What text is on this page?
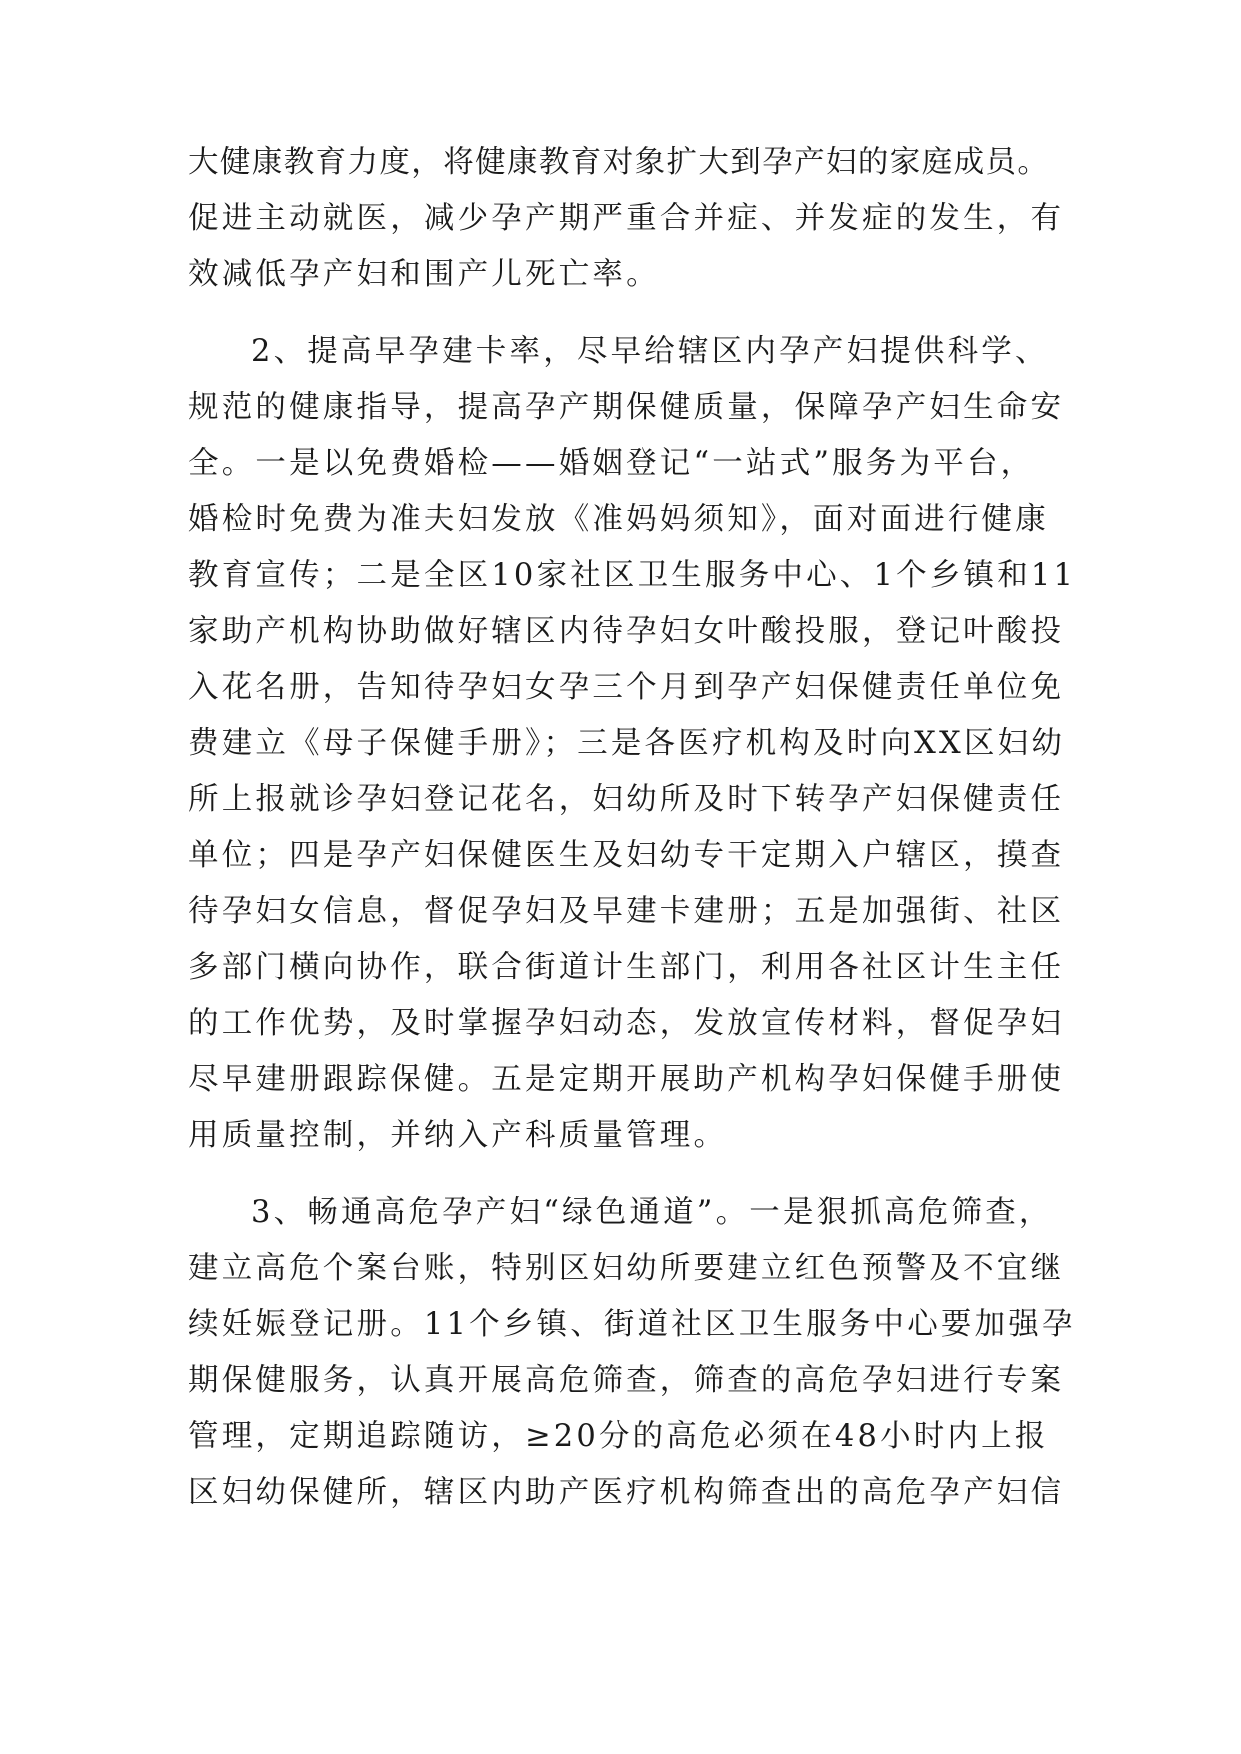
大健康教育力度，将健康教育对象扩大到孕产妇的家庭成员。
促进主动就医，减少孕产期严重合并症、并发症的发生，有
效减低孕产妇和围产儿死亡率。
2、提高早孕建卡率，尽早给辖区内孕产妇提供科学、
规范的健康指导，提高孕产期保健质量，保障孕产妇生命安
全。一是以免费婚检——婚姻登记“一站式”服务为平台，
婚检时免费为准夫妇发放《准妈妈须知》，面对面进行健康
教育宣传；二是全区10家社区卫生服务中心、1个乡镇和11
家助产机构协助做好辖区内待孕妇女叶酸投服，登记叶酸投
入花名册，告知待孕妇女孕三个月到孕产妇保健责任单位免
费建立《母子保健手册》；三是各医疗机构及时向XX区妇幼
所上报就诊孕妇登记花名，妇幼所及时下转孕产妇保健责任
单位；四是孕产妇保健医生及妇幼专干定期入户辖区，摸查
待孕妇女信息，督促孕妇及早建卡建册；五是加强街、社区
多部门横向协作，联合街道计生部门，利用各社区计生主任
的工作优势，及时掌握孕妇动态，发放宣传材料，督促孕妇
尽早建册跟踪保健。五是定期开展助产机构孕妇保健手册使
用质量控制，并纳入产科质量管理。
3、畅通高危孕产妇“绿色通道”。一是狠抓高危筛查，
建立高危个案台账，特别区妇幼所要建立红色预警及不宜继
续妊娠登记册。11个乡镇、街道社区卫生服务中心要加强孕
期保健服务，认真开展高危筛查，筛查的高危孕妇进行专案
管理，定期追踪随访，≥20分的高危必须在48小时内上报
区妇幼保健所，辖区内助产医疗机构筛查出的高危孕产妇信
